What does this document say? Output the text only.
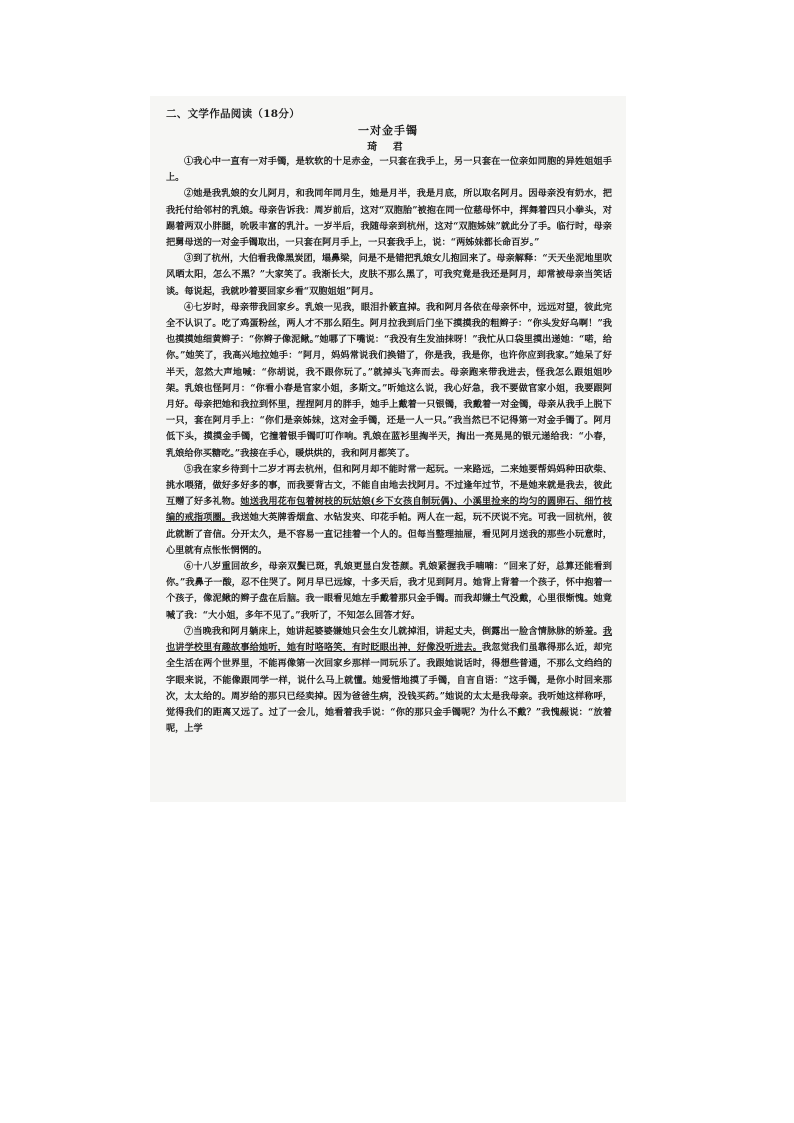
二、文学作品阅读（18分）
一对金手镯
琦 君

①我心中一直有一对手镯，是软软的十足赤金，一只套在我手上，另一只套在一位亲如同胞的异姓姐姐手上。

②她是我乳娘的女儿阿月，和我同年同月生，她是月半，我是月底，所以取名阿月。因母亲没有奶水，把我托付给邻村的乳娘。母亲告诉我：周岁前后，这对“双胞胎”被抱在同一位慈母怀中，挥舞着四只小拳头，对踢着两双小胖腿，吮吸丰富的乳汁。一岁半后，我随母亲到杭州，这对“双胞姊妹”就此分了手。临行时，母亲把舅母送的一对金手镯取出，一只套在阿月手上，一只套我手上，说：“两姊妹都长命百岁。”

③到了杭州，大伯看我像黑炭团，塌鼻梁，问是不是错把乳娘女儿抱回来了。母亲解释：“天天坐泥地里吹风晒太阳，怎么不黑？”大家笑了。我渐长大，皮肤不那么黑了，可我究竟是我还是阿月，却常被母亲当笑话谈。每说起，我就吵着要回家乡看“双胞姐姐”阿月。

④七岁时，母亲带我回家乡。乳娘一见我，眼泪扑簌直掉。我和阿月各依在母亲怀中，远远对望，彼此完全不认识了。吃了鸡蛋粉丝，两人才不那么陌生。阿月拉我到后门坐下摸摸我的粗辫子：“你头发好乌啊！”我也摸摸她细黄辫子：“你辫子像泥鳅。”她哪了下嘴说：“我没有生发油抹呀！”我忙从口袋里摸出递她：“喏，给你。”她笑了，我高兴地拉她手：“阿月，妈妈常说我们换错了，你是我，我是你，也许你应到我家。”她呆了好半天，忽然大声地喊：“你胡说，我不跟你玩了。”就掉头飞奔而去。母亲跑来带我进去，怪我怎么跟姐姐吵架。乳娘也怪阿月：“你看小春是官家小姐，多斯文。”听她这么说，我心好急，我不要做官家小姐，我要跟阿月好。母亲把她和我拉到怀里，捏捏阿月的胖手，她手上戴着一只银镯，我戴着一对金镯，母亲从我手上脱下一只，套在阿月手上：“你们是亲姊妹，这对金手镯，还是一人一只。”我当然已不记得第一对金手镯了。阿月低下头，摸摸金手镯，它撞着银手镯叮叮作响。乳娘在蓝衫里掏半天，掏出一亮晃晃的银元递给我：“小春，乳娘给你买糖吃。”我接在手心，暖烘烘的，我和阿月都笑了。

⑤我在家乡待到十二岁才再去杭州，但和阿月却不能时常一起玩。一来路远，二来她要帮妈妈种田砍柴、挑水喂猪，做好多好多的事，而我要背古文，不能自由地去找阿月。不过逢年过节，不是她来就是我去，彼此互赠了好多礼物。她送我用花布包着树枝的玩姑娘(乡下女孩自制玩偶)、小溪里捡来的均匀的圆卵石、细竹枝编的戒指项圈。我送她大英牌香烟盒、水钻发夹、印花手帕。两人在一起，玩不厌说不完。可我一回杭州，彼此就断了音信。分开太久，是不容易一直记挂着一个人的。但每当整理抽屉，看见阿月送我的那些小玩意时，心里就有点怅怅惘惘的。

⑥十八岁重回故乡，母亲双鬓已斑，乳娘更显白发苍颜。乳娘紧握我手喃喃：“回来了好，总算还能看到你。”我鼻子一酸，忍不住哭了。阿月早已远嫁，十多天后，我才见到阿月。她背上背着一个孩子，怀中抱着一个孩子，像泥鳅的辫子盘在后脑。我一眼看见她左手戴着那只金手镯。而我却嫌土气没戴，心里很惭愧。她竟喊了我：“大小姐，多年不见了。”我听了，不知怎么回答才好。

⑦当晚我和阿月躺床上，她讲起婆婆嫌她只会生女儿就掉泪，讲起丈夫，倒露出一脸含情脉脉的娇羞。我也讲学校里有趣故事给她听，她有时咯咯笑，有时眨眼出神，好像没听进去。我忽觉我们虽靠得那么近，却完全生活在两个世界里，不能再像第一次回家乡那样一同玩乐了。我跟她说话时，得想些普通，不那么文绉绉的字眼来说，不能像跟同学一样，说什么马上就懂。她爱惜地摸了手镯，自言自语：“这手镯，是你小时回来那次，太太给的。周岁给的那只已经卖掉。因为爸爸生病，没钱买药。”她说的太太是我母亲。我听她这样称呼，觉得我们的距离又远了。过了一会儿，她看着我手说：“你的那只金手镯呢？为什么不戴？”我愧赧说：“放着呢，上学
